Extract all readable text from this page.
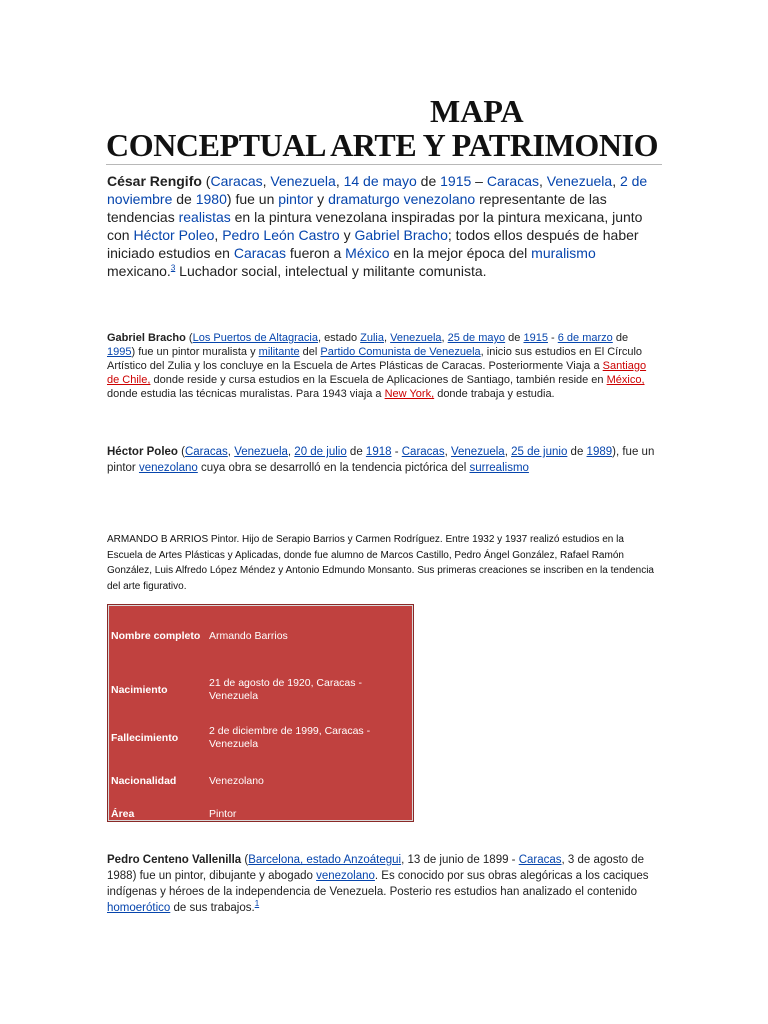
MAPA
CONCEPTUAL ARTE Y PATRIMONIO

César Rengifo (Caracas, Venezuela, 14 de mayo de 1915 – Caracas, Venezuela, 2 de noviembre de 1980) fue un pintor y dramaturgo venezolano representante de las tendencias realistas en la pintura venezolana inspiradas por la pintura mexicana, junto con Héctor Poleo, Pedro León Castro y Gabriel Bracho; todos ellos después de haber iniciado estudios en Caracas fueron a México en la mejor época del muralismo mexicano.$^3$ Luchador social, intelectual y militante comunista.

Gabriel Bracho (Los Puertos de Altagracia, estado Zulia, Venezuela, 25 de mayo de 1915 - 6 de marzo de 1995) fue un pintor muralista y militante del Partido Comunista de Venezuela, inicio sus estudios en El Círculo Artístico del Zulia y los concluye en la Escuela de Artes Plásticas de Caracas. Posteriormente Viaja a Santiago de Chile, donde reside y cursa estudios en la Escuela de Aplicaciones de Santiago, también reside en México, donde estudia las técnicas muralistas. Para 1943 viaja a New York, donde trabaja y estudia.

Héctor Poleo (Caracas, Venezuela, 20 de julio de 1918 - Caracas, Venezuela, 25 de junio de 1989), fue un pintor venezolano cuya obra se desarrolló en la tendencia pictórica del surrealismo

ARMANDO B ARRIOS Pintor. Hijo de Serapio Barrios y Carmen Rodríguez. Entre 1932 y 1937 realizó estudios en la Escuela de Artes Plásticas y Aplicadas, donde fue alumno de Marcos Castillo, Pedro Ángel González, Rafael Ramón González, Luis Alfredo López Méndez y Antonio Edmundo Monsanto. Sus primeras creaciones se inscriben en la tendencia del arte figurativo.

Nombre completo	Armando Barrios
Nacimiento	21 de agosto de 1920, Caracas - Venezuela
Fallecimiento	2 de diciembre de 1999, Caracas - Venezuela
Nacionalidad	Venezolano
Área	Pintor

Pedro Centeno Vallenilla (Barcelona, estado Anzoátegui, 13 de junio de 1899 - Caracas, 3 de agosto de 1988) fue un pintor, dibujante y abogado venezolano. Es conocido por sus obras alegóricas a los caciques indígenas y héroes de la independencia de Venezuela. Posterio res estudios han analizado el contenido homoerótico de sus trabajos.$^1$
